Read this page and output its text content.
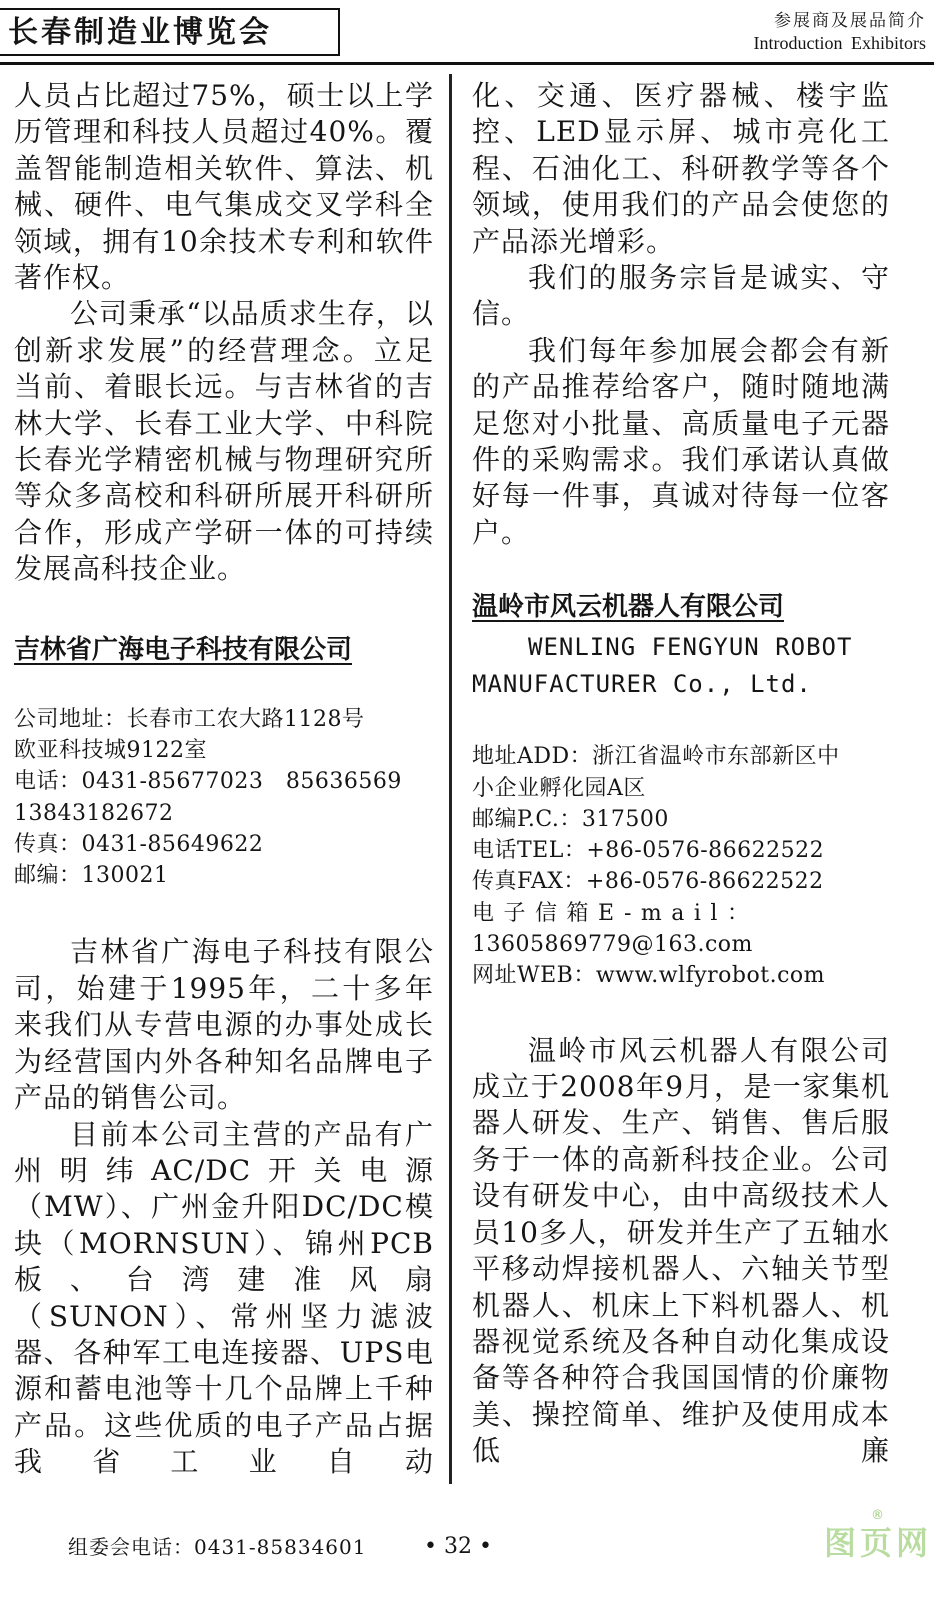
长春制造业博览会	参展商及展品简介
Introduction Exhibitors

人员占比超过75%，硕士以上学历管理和科技人员超过40%。覆盖智能制造相关软件、算法、机械、硬件、电气集成交叉学科全领域，拥有10余技术专利和软件著作权。

公司秉承“以品质求生存，以创新求发展”的经营理念。立足当前、着眼长远。与吉林省的吉林大学、长春工业大学、中科院长春光学精密机械与物理研究所等众多高校和科研所展开科研所合作，形成产学研一体的可持续发展高科技企业。

吉林省广海电子科技有限公司

公司地址：长春市工农大路1128号

欧亚科技城9122室

电话：0431-85677023　85636569

13843182672

传真：0431-85649622

邮编：130021

吉林省广海电子科技有限公司，始建于1995年，二十多年来我们从专营电源的办事处成长为经营国内外各种知名品牌电子产品的销售公司。

目前本公司主营的产品有广州明纬AC/DC开关电源（MW）、广州金升阳DC/DC模块（MORNSUN）、锦州PCB板、台湾建准风扇（SUNON）、常州坚力滤波器、各种军工电连接器、UPS电源和蓄电池等十几个品牌上千种产品。这些优质的电子产品占据我省工业自动

化、交通、医疗器械、楼宇监控、LED显示屏、城市亮化工程、石油化工、科研教学等各个领域，使用我们的产品会使您的产品添光增彩。

我们的服务宗旨是诚实、守信。

我们每年参加展会都会有新的产品推荐给客户，随时随地满足您对小批量、高质量电子元器件的采购需求。我们承诺认真做好每一件事，真诚对待每一位客户。

温岭市风云机器人有限公司

WENLING FENGYUN ROBOT

MANUFACTURER Co., Ltd.

地址ADD：浙江省温岭市东部新区中

小企业孵化园A区

邮编P.C.：317500

电话TEL：+86-0576-86622522

传真FAX：+86-0576-86622522

电子信箱E-mail：

13605869779@163.com

网址WEB：www.wlfyrobot.com

温岭市风云机器人有限公司成立于2008年9月，是一家集机器人研发、生产、销售、售后服务于一体的高新科技企业。公司设有研发中心，由中高级技术人员10多人，研发并生产了五轴水平移动焊接机器人、六轴关节型机器人、机床上下料机器人、机器视觉系统及各种自动化集成设备等各种符合我国国情的价廉物美、操控简单、维护及使用成本低廉

组委会电话：0431-85834601	• 32 •
®
图页网
